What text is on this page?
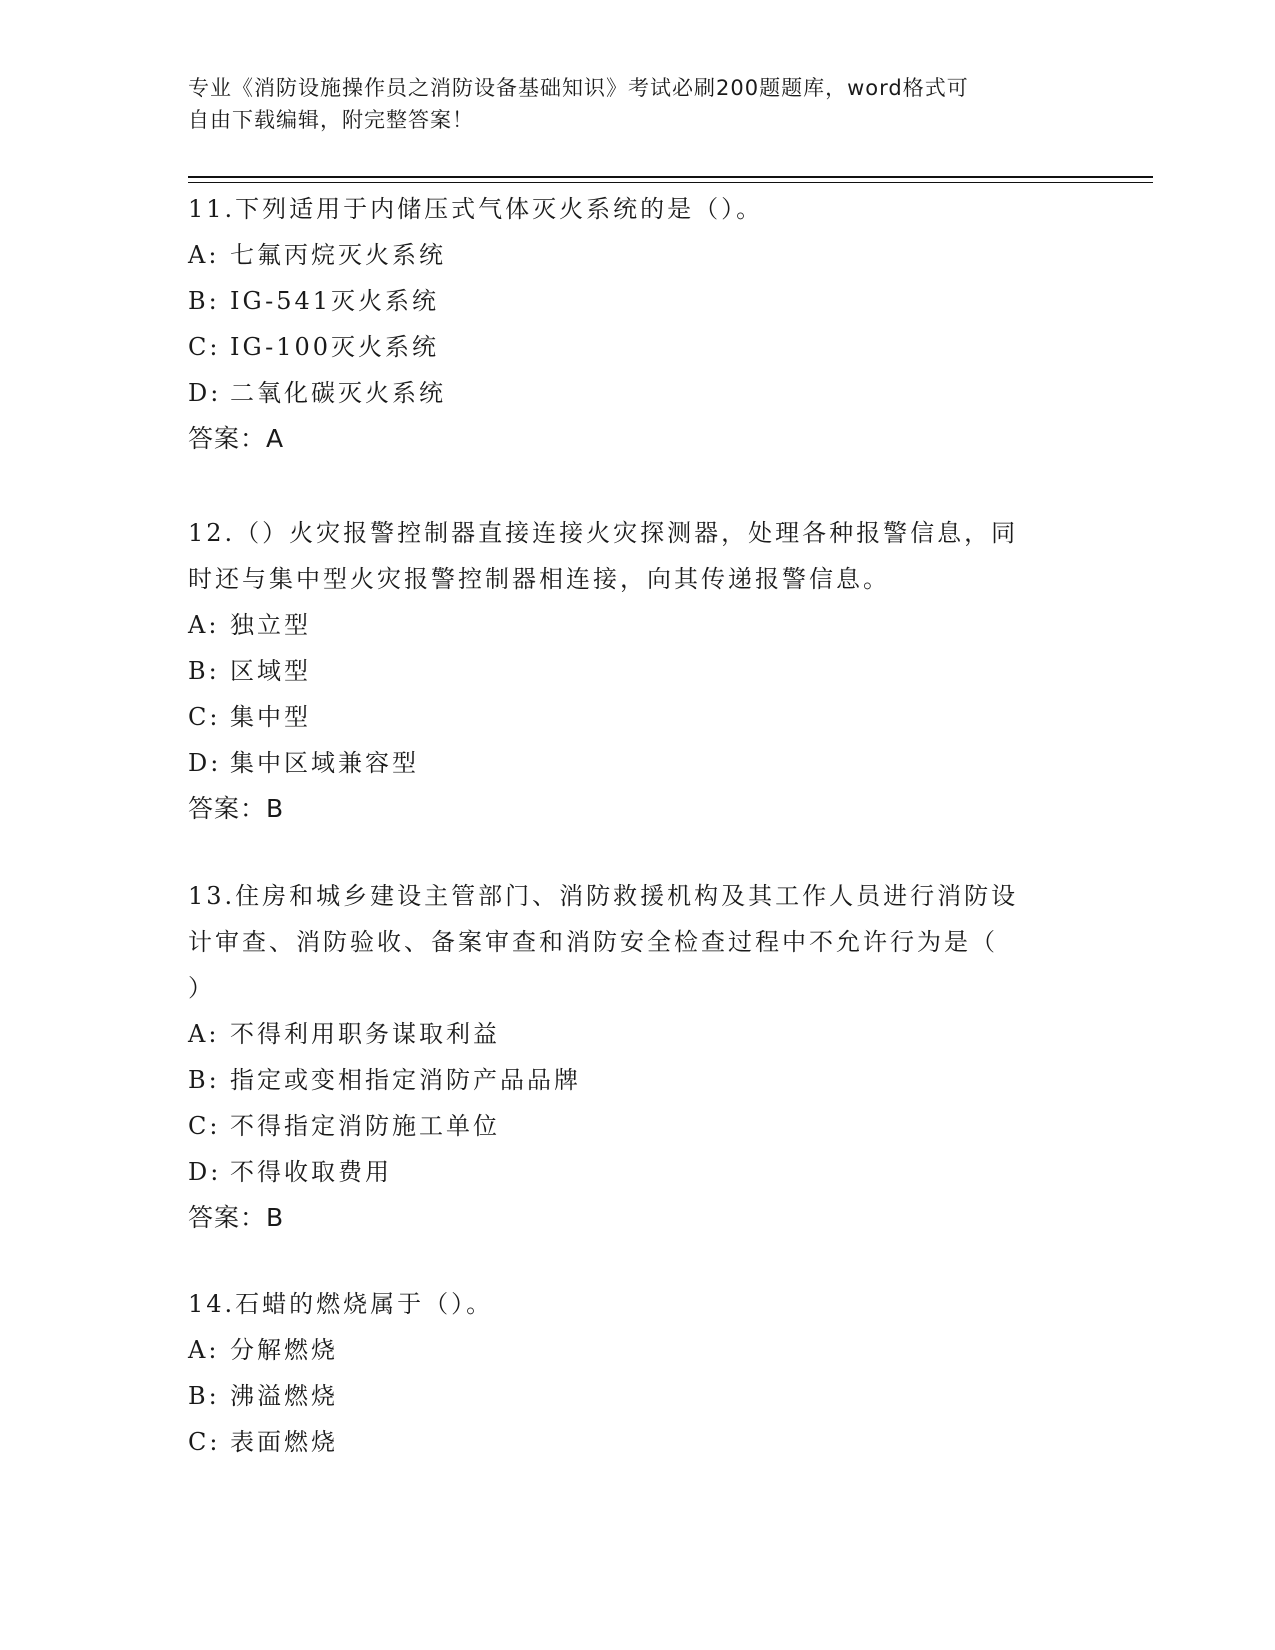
专业《消防设施操作员之消防设备基础知识》考试必刷200题题库，word格式可
自由下载编辑，附完整答案！
11.下列适用于内储压式气体灭火系统的是（）。
A: 七氟丙烷灭火系统
B: IG-541灭火系统
C: IG-100灭火系统
D: 二氧化碳灭火系统
答案：A
12.（）火灾报警控制器直接连接火灾探测器，处理各种报警信息，同
时还与集中型火灾报警控制器相连接，向其传递报警信息。
A: 独立型
B: 区域型
C: 集中型
D: 集中区域兼容型
答案：B
13.住房和城乡建设主管部门、消防救援机构及其工作人员进行消防设
计审查、消防验收、备案审查和消防安全检查过程中不允许行为是（
）
A: 不得利用职务谋取利益
B: 指定或变相指定消防产品品牌
C: 不得指定消防施工单位
D: 不得收取费用
答案：B
14.石蜡的燃烧属于（）。
A: 分解燃烧
B: 沸溢燃烧
C: 表面燃烧
